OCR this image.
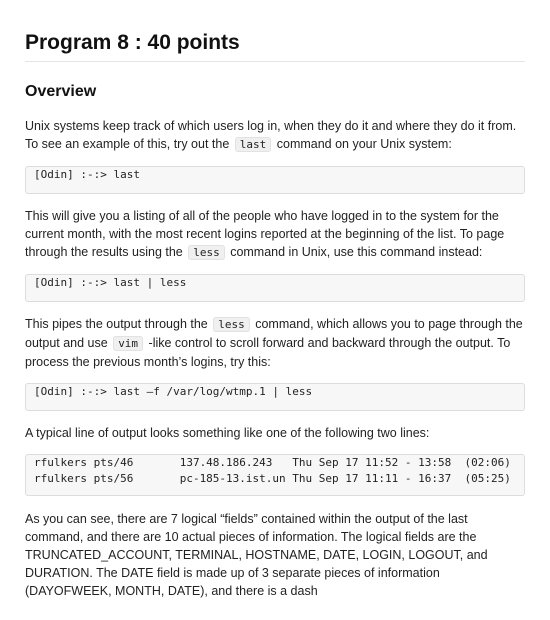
Program 8 : 40 points
Overview

Unix systems keep track of which users log in, when they do it and where they do it from. To see an example of this, try out the last command on your Unix system:

[Odin] :-:> last

This will give you a listing of all of the people who have logged in to the system for the current month, with the most recent logins reported at the beginning of the list. To page through the results using the less command in Unix, use this command instead:

[Odin] :-:> last | less

This pipes the output through the less command, which allows you to page through the output and use vim -like control to scroll forward and backward through the output. To process the previous month’s logins, try this:

[Odin] :-:> last –f /var/log/wtmp.1 | less

A typical line of output looks something like one of the following two lines:

rfulkers pts/46       137.48.186.243   Thu Sep 17 11:52 - 13:58  (02:06)
rfulkers pts/56       pc-185-13.ist.un Thu Sep 17 11:11 - 16:37  (05:25)

As you can see, there are 7 logical “fields” contained within the output of the last command, and there are 10 actual pieces of information. The logical fields are the TRUNCATED_ACCOUNT, TERMINAL, HOSTNAME, DATE, LOGIN, LOGOUT, and DURATION. The DATE field is made up of 3 separate pieces of information (DAYOFWEEK, MONTH, DATE), and there is a dash
